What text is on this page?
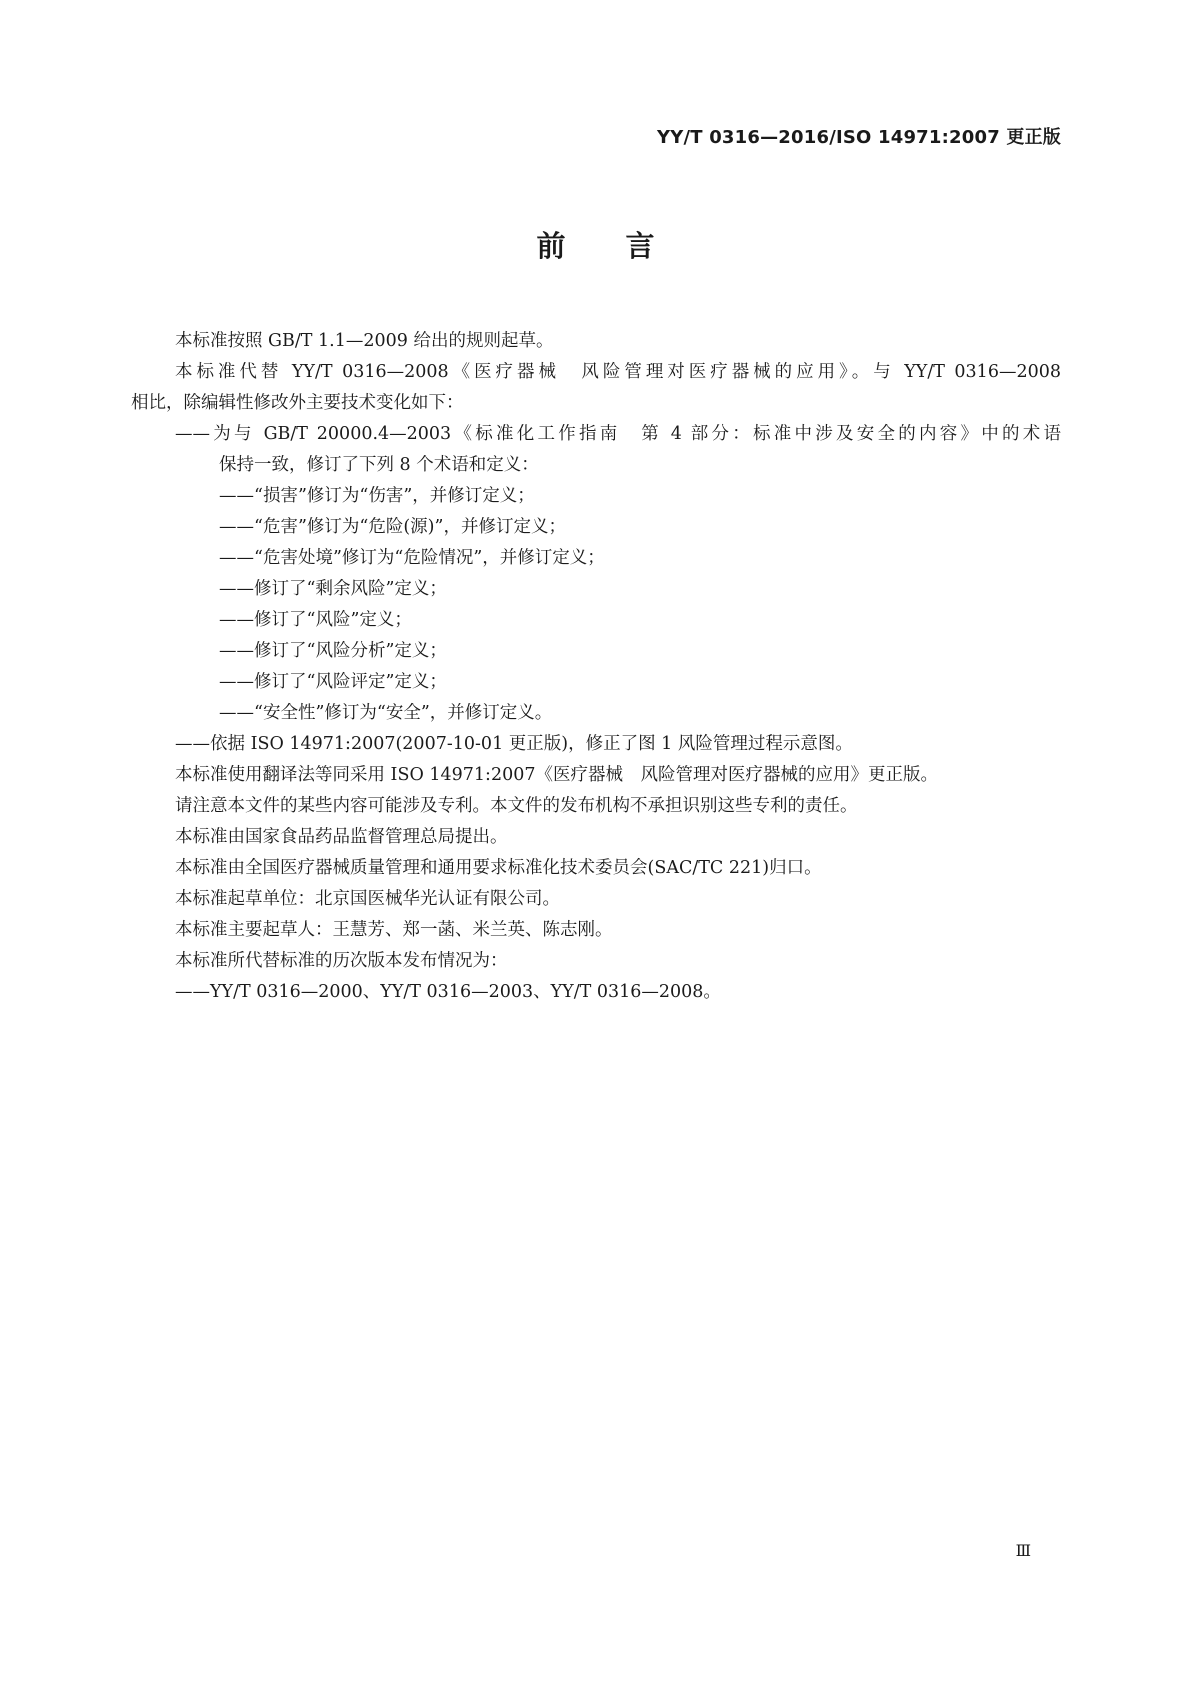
YY/T 0316—2016/ISO 14971:2007 更正版
前言
本标准按照 GB/T 1.1—2009 给出的规则起草。
本标准代替 YY/T 0316—2008《医疗器械　风险管理对医疗器械的应用》。与 YY/T 0316—2008
相比，除编辑性修改外主要技术变化如下：
——为与 GB/T 20000.4—2003《标准化工作指南　第 4 部分：标准中涉及安全的内容》中的术语
保持一致，修订了下列 8 个术语和定义：
——“损害”修订为“伤害”，并修订定义；
——“危害”修订为“危险(源)”，并修订定义；
——“危害处境”修订为“危险情况”，并修订定义；
——修订了“剩余风险”定义；
——修订了“风险”定义；
——修订了“风险分析”定义；
——修订了“风险评定”定义；
——“安全性”修订为“安全”，并修订定义。
——依据 ISO 14971:2007(2007-10-01 更正版)，修正了图 1 风险管理过程示意图。
本标准使用翻译法等同采用 ISO 14971:2007《医疗器械　风险管理对医疗器械的应用》更正版。
请注意本文件的某些内容可能涉及专利。本文件的发布机构不承担识别这些专利的责任。
本标准由国家食品药品监督管理总局提出。
本标准由全国医疗器械质量管理和通用要求标准化技术委员会(SAC/TC 221)归口。
本标准起草单位：北京国医械华光认证有限公司。
本标准主要起草人：王慧芳、郑一菡、米兰英、陈志刚。
本标准所代替标准的历次版本发布情况为：
——YY/T 0316—2000、YY/T 0316—2003、YY/T 0316—2008。
Ⅲ
